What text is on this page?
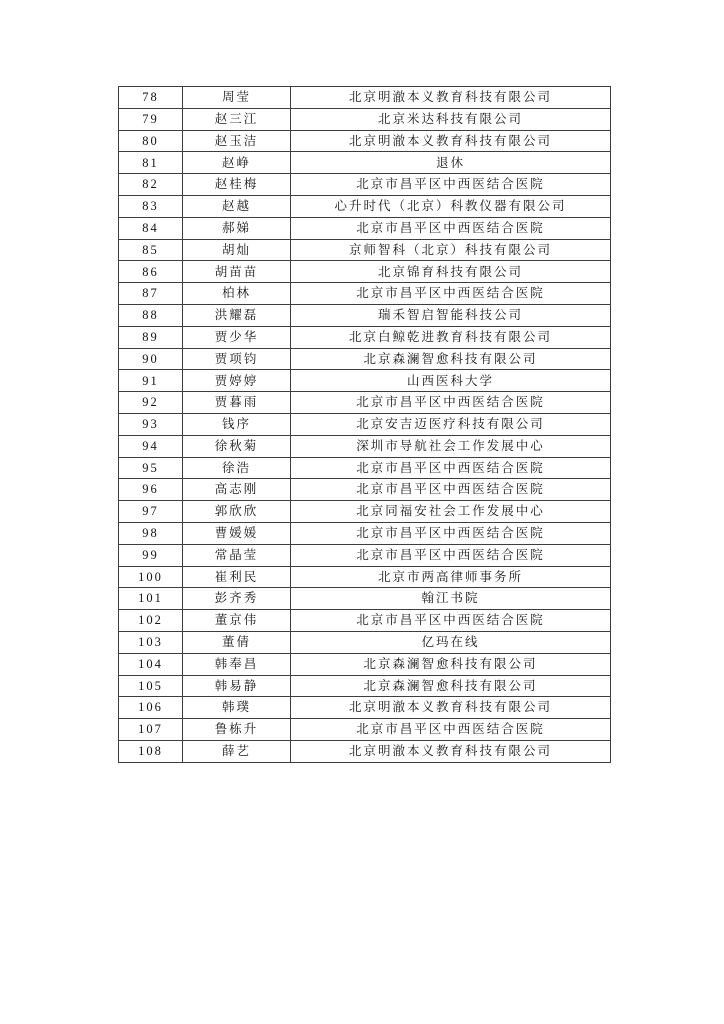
78	周莹	北京明澈本义教育科技有限公司
79	赵三江	北京米达科技有限公司
80	赵玉洁	北京明澈本义教育科技有限公司
81	赵峥	退休
82	赵桂梅	北京市昌平区中西医结合医院
83	赵越	心升时代（北京）科教仪器有限公司
84	郝娣	北京市昌平区中西医结合医院
85	胡灿	京师智科（北京）科技有限公司
86	胡苗苗	北京锦育科技有限公司
87	柏林	北京市昌平区中西医结合医院
88	洪耀磊	瑞禾智启智能科技公司
89	贾少华	北京白鲸乾进教育科技有限公司
90	贾项钧	北京森澜智愈科技有限公司
91	贾婷婷	山西医科大学
92	贾暮雨	北京市昌平区中西医结合医院
93	钱序	北京安吉迈医疗科技有限公司
94	徐秋菊	深圳市导航社会工作发展中心
95	徐浩	北京市昌平区中西医结合医院
96	高志刚	北京市昌平区中西医结合医院
97	郭欣欣	北京同福安社会工作发展中心
98	曹媛媛	北京市昌平区中西医结合医院
99	常晶莹	北京市昌平区中西医结合医院
100	崔利民	北京市两高律师事务所
101	彭齐秀	翰江书院
102	董京伟	北京市昌平区中西医结合医院
103	董倩	亿玛在线
104	韩奉昌	北京森澜智愈科技有限公司
105	韩易静	北京森澜智愈科技有限公司
106	韩璞	北京明澈本义教育科技有限公司
107	鲁栋升	北京市昌平区中西医结合医院
108	薛艺	北京明澈本义教育科技有限公司
